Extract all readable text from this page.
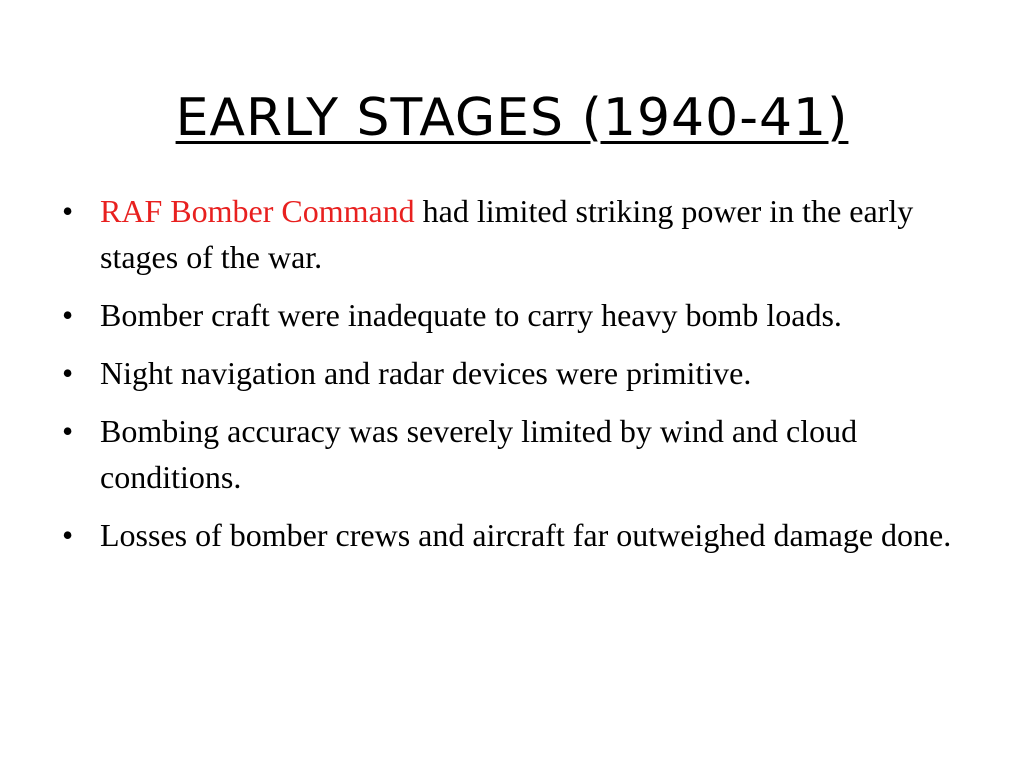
EARLY STAGES (1940-41)
• RAF Bomber Command had limited striking power in the early stages of the war.
• Bomber craft were inadequate to carry heavy bomb loads.
• Night navigation and radar devices were primitive.
• Bombing accuracy was severely limited by wind and cloud conditions.
• Losses of bomber crews and aircraft far outweighed damage done.
